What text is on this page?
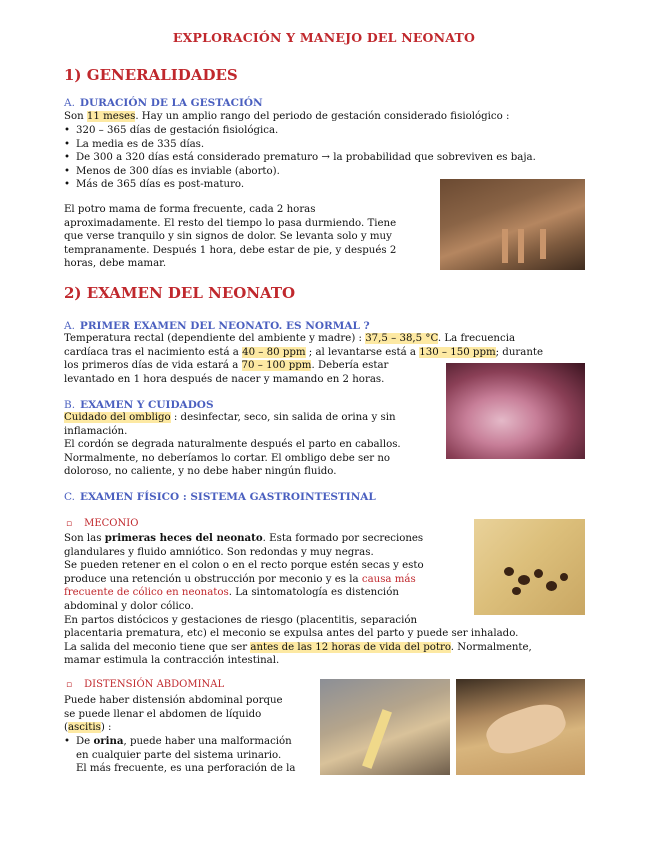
EXPLORACIÓN Y MANEJO DEL NEONATO
1) GENERALIDADES
A. DURACIÓN DE LA GESTACIÓN
Son 11 meses. Hay un amplio rango del periodo de gestación considerado fisiológico :
• 320 – 365 días de gestación fisiológica.
• La media es de 335 días.
• De 300 a 320 días está considerado prematuro → la probabilidad que sobreviven es baja.
• Menos de 300 días es inviable (aborto).
• Más de 365 días es post-maturo.
El potro mama de forma frecuente, cada 2 horas
aproximadamente. El resto del tiempo lo pasa durmiendo. Tiene
que verse tranquilo y sin signos de dolor. Se levanta solo y muy
tempranamente. Después 1 hora, debe estar de pie, y después 2
horas, debe mamar.
2) EXAMEN DEL NEONATO
A. PRIMER EXAMEN DEL NEONATO. ES NORMAL ?
Temperatura rectal (dependiente del ambiente y madre) : 37,5 – 38,5 °C. La frecuencia
cardíaca tras el nacimiento está a 40 – 80 ppm ; al levantarse está a 130 – 150 ppm; durante
los primeros días de vida estará a 70 – 100 ppm. Debería estar
levantado en 1 hora después de nacer y mamando en 2 horas.
B. EXAMEN Y CUIDADOS
Cuidado del ombligo : desinfectar, seco, sin salida de orina y sin
inflamación.
El cordón se degrada naturalmente después el parto en caballos.
Normalmente, no deberíamos lo cortar. El ombligo debe ser no
doloroso, no caliente, y no debe haber ningún fluido.
C. EXAMEN FÍSICO : SISTEMA GASTROINTESTINAL
▫ MECONIO
Son las primeras heces del neonato. Esta formado por secreciones
glandulares y fluido amniótico. Son redondas y muy negras.
Se pueden retener en el colon o en el recto porque estén secas y esto
produce una retención u obstrucción por meconio y es la causa más
frecuente de cólico en neonatos. La sintomatología es distención
abdominal y dolor cólico.
En partos distócicos y gestaciones de riesgo (placentitis, separación
placentaria prematura, etc) el meconio se expulsa antes del parto y puede ser inhalado.
La salida del meconio tiene que ser antes de las 12 horas de vida del potro. Normalmente,
mamar estimula la contracción intestinal.
▫ DISTENSIÓN ABDOMINAL
Puede haber distensión abdominal porque
se puede llenar el abdomen de líquido
(ascitis) :
• De orina, puede haber una malformación
en cualquier parte del sistema urinario.
El más frecuente, es una perforación de la
